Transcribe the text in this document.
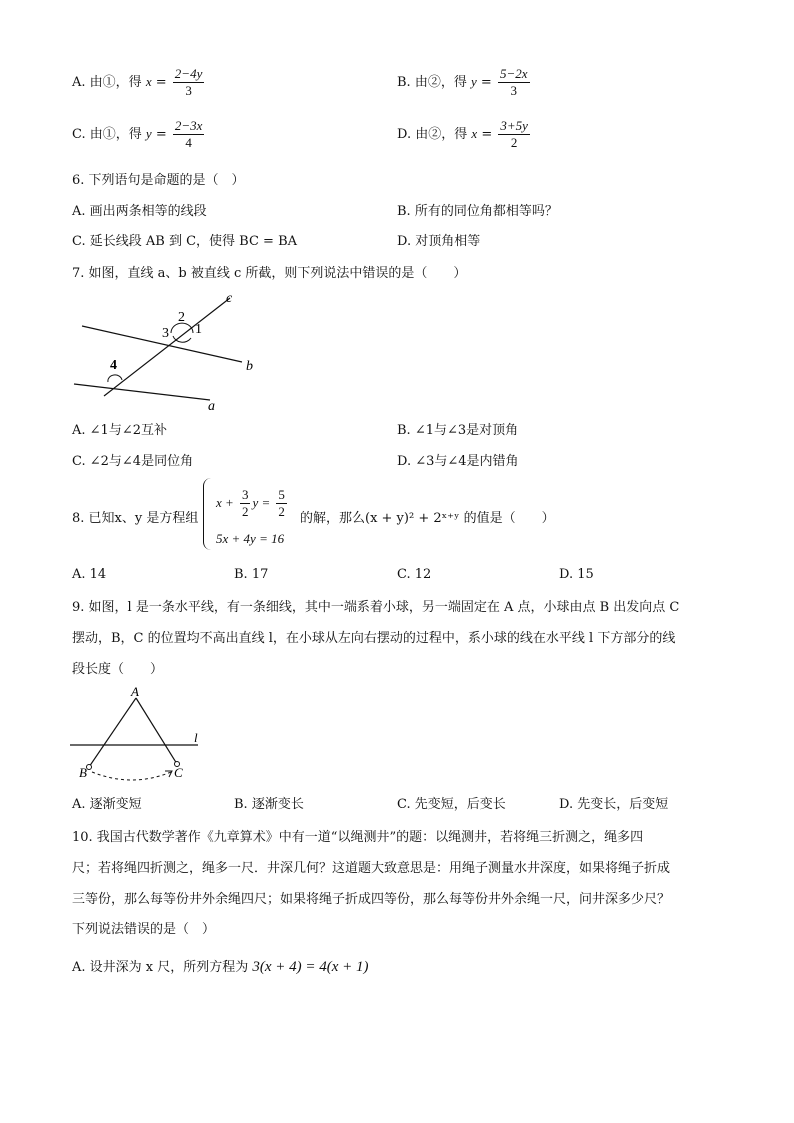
A. 由①，得 $x = \frac{2-4y}{3}$	B. 由②，得 $y = \frac{5-2x}{3}$
C. 由①，得 $y = \frac{2-3x}{4}$	D. 由②，得 $x = \frac{3+5y}{2}$
6. 下列语句是命题的是（　）
A. 画出两条相等的线段	B. 所有的同位角都相等吗？
C. 延长线段 AB 到 C，使得 BC = BA	D. 对顶角相等
7. 如图，直线 a、b 被直线 c 所截，则下列说法中错误的是（　　）
c
b
a
1
2
3
4
A. ∠1与∠2互补	B. ∠1与∠3是对顶角
C. ∠2与∠4是同位角	D. ∠3与∠4是内错角
8. 已知x、y 是方程组
$x + \frac{3}{2}$ $y = \frac{5}{2}$
5x + 4y = 16
的解，那么(x + y)² + 2ˣ⁺ʸ 的值是（　　）
A. 14	B. 17	C. 12	D. 15
9. 如图，l 是一条水平线，有一条细线，其中一端系着小球，另一端固定在 A 点，小球由点 B 出发向点 C
摆动，B，C 的位置均不高出直线 l，在小球从左向右摆动的过程中，系小球的线在水平线 l 下方部分的线
段长度（　　）
A
B	C
l
A. 逐渐变短	B. 逐渐变长	C. 先变短，后变长	D. 先变长，后变短
10. 我国古代数学著作《九章算术》中有一道“以绳测井”的题：以绳测井，若将绳三折测之，绳多四
尺；若将绳四折测之，绳多一尺．井深几何？这道题大致意思是：用绳子测量水井深度，如果将绳子折成
三等份，那么每等份井外余绳四尺；如果将绳子折成四等份，那么每等份井外余绳一尺，问井深多少尺？
下列说法错误的是（　）
A. 设井深为 x 尺，所列方程为 3(x + 4) = 4(x + 1)
